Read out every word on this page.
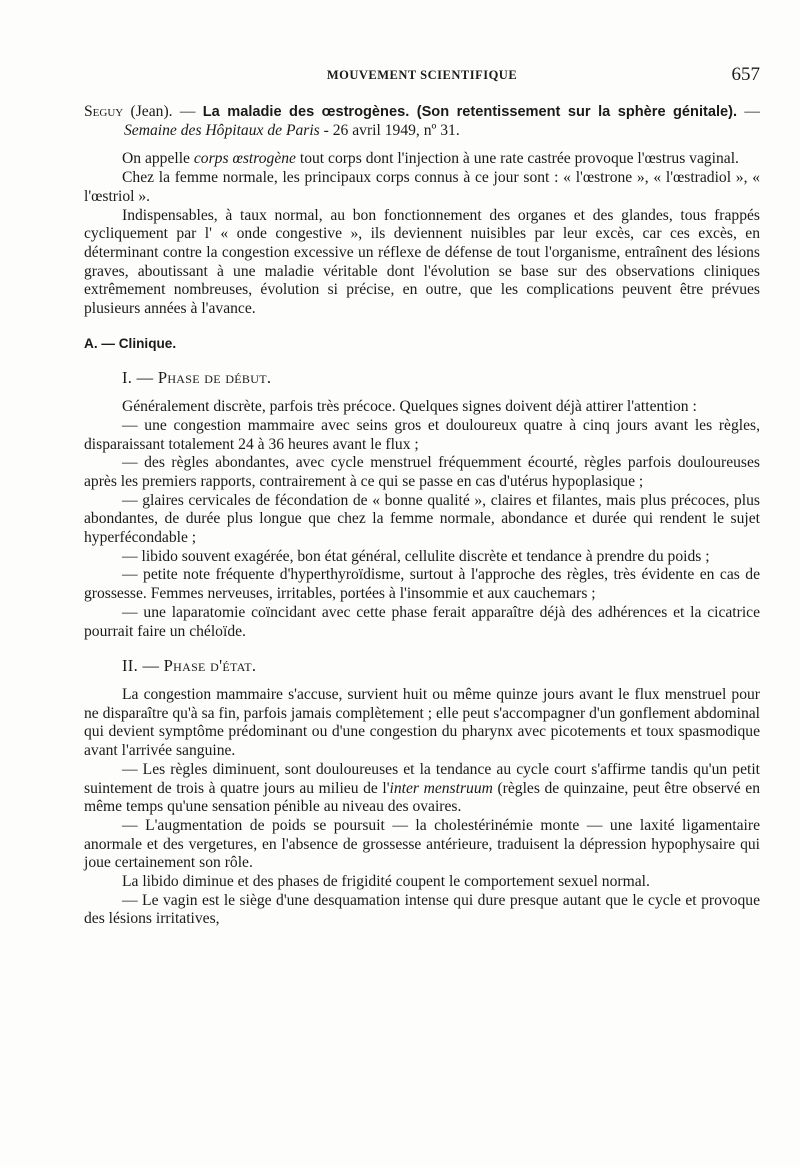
MOUVEMENT SCIENTIFIQUE	657

Seguy (Jean). — La maladie des œstrogènes. (Son retentissement sur la sphère génitale). — Semaine des Hôpitaux de Paris - 26 avril 1949, nº 31.

On appelle corps œstrogène tout corps dont l'injection à une rate castrée provoque l'œstrus vaginal.

Chez la femme normale, les principaux corps connus à ce jour sont : « l'œstrone », « l'œstradiol », « l'œstriol ».

Indispensables, à taux normal, au bon fonctionnement des organes et des glandes, tous frappés cycliquement par l' « onde congestive », ils deviennent nuisibles par leur excès, car ces excès, en déterminant contre la congestion excessive un réflexe de défense de tout l'organisme, entraînent des lésions graves, aboutissant à une maladie véritable dont l'évolution se base sur des observations cliniques extrêmement nombreuses, évolution si précise, en outre, que les complications peuvent être prévues plusieurs années à l'avance.

A. — Clinique.

I. — Phase de début.

Généralement discrète, parfois très précoce. Quelques signes doivent déjà attirer l'attention :

— une congestion mammaire avec seins gros et douloureux quatre à cinq jours avant les règles, disparaissant totalement 24 à 36 heures avant le flux ;

— des règles abondantes, avec cycle menstruel fréquemment écourté, règles parfois douloureuses après les premiers rapports, contrairement à ce qui se passe en cas d'utérus hypoplasique ;

— glaires cervicales de fécondation de « bonne qualité », claires et filantes, mais plus précoces, plus abondantes, de durée plus longue que chez la femme normale, abondance et durée qui rendent le sujet hyperfécondable ;

— libido souvent exagérée, bon état général, cellulite discrète et tendance à prendre du poids ;

— petite note fréquente d'hyperthyroïdisme, surtout à l'approche des règles, très évidente en cas de grossesse. Femmes nerveuses, irritables, portées à l'insommie et aux cauchemars ;

— une laparatomie coïncidant avec cette phase ferait apparaître déjà des adhérences et la cicatrice pourrait faire un chéloïde.

II. — Phase d'état.

La congestion mammaire s'accuse, survient huit ou même quinze jours avant le flux menstruel pour ne disparaître qu'à sa fin, parfois jamais complètement ; elle peut s'accompagner d'un gonflement abdominal qui devient symptôme prédominant ou d'une congestion du pharynx avec picotements et toux spasmodique avant l'arrivée sanguine.

— Les règles diminuent, sont douloureuses et la tendance au cycle court s'affirme tandis qu'un petit suintement de trois à quatre jours au milieu de l'inter menstruum (règles de quinzaine, peut être observé en même temps qu'une sensation pénible au niveau des ovaires.

— L'augmentation de poids se poursuit — la cholestérinémie monte — une laxité ligamentaire anormale et des vergetures, en l'absence de grossesse antérieure, traduisent la dépression hypophysaire qui joue certainement son rôle.

La libido diminue et des phases de frigidité coupent le comportement sexuel normal.

— Le vagin est le siège d'une desquamation intense qui dure presque autant que le cycle et provoque des lésions irritatives,
